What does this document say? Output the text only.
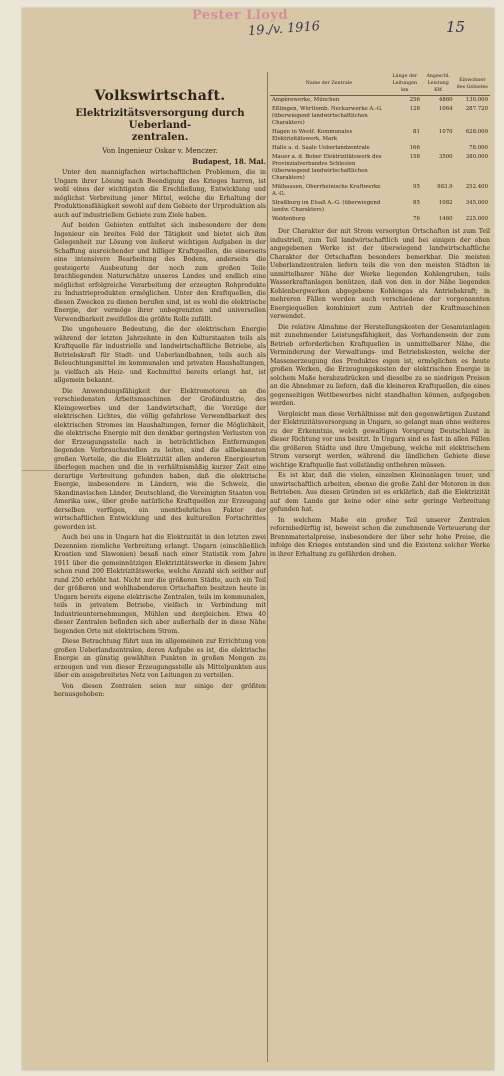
Pester Lloyd
19./v. 1916	15
Volkswirtschaft.
Elektrizitätsversorgung durch Ueberland-
zentralen.
Von Ingenieur Oskar v. Menczer.
Budapest, 18. Mai.

Unter den mannigfachen wirtschaftlichen Problemen, die in Ungarn ihrer Lösung nach Beendigung des Krieges harren, ist wohl eines der wichtigsten die Erschließung, Entwicklung und möglichst Verbreitung jener Mittel, welche die Erhaltung der Produktionsfähigkeit sowohl auf dem Gebiete der Urproduktion als auch auf industriellem Gebiete zum Ziele haben.

Auf beiden Gebieten entfaltet sich insbesondere der dem Ingenieur ein breites Feld der Tätigkeit und bietet sich ihm Gelegenheit zur Lösung von äußerst wichtigen Aufgaben in der Schaffung ausreichender und billiger Kraftquellen, die einerseits eine intensivere Bearbeitung des Bodens, anderseits die gesteigerte Ausbeutung der noch zum großen Teile brachliegenden Naturschätze unseres Landes und endlich eine möglichst erfolgreiche Verarbeitung der erzeugten Rohprodukte zu Industrieprodukten ermöglichen. Unter den Kraftquellen, die diesen Zwecken zu dienen berufen sind, ist es wohl die elektrische Energie, der vermöge ihrer unbegrenzten und universellen Verwendbarkeit zweifellos die größte Rolle zufällt.

Die ungeheuere Bedeutung, die der elektrischen Energie während der letzten Jahrzehnte in den Kulturstaaten teils als Kraftquelle für industrielle und landwirtschaftliche Betriebe, als Betriebskraft für Stadt- und Ueberlandbahnen, teils auch als Beleuchtungsmittel im kommunalen und privaten Haushaltungen, ja vielfach als Heiz- und Kochmittel bereits erlangt hat, ist allgemein bekannt.

Die Anwendungsfähigkeit der Elektromotoren an die verschiedensten Arbeitsmaschinen der Großindustrie, des Kleingewerbes und der Landwirtschaft, die Vorzüge der elektrischen Lichtes, die völlig gefahrlose Verwendbarkeit des elektrischen Stromes im Haushaltungen, ferner die Möglichkeit, die elektrische Energie mit den denkbar geringsten Verlusten von der Erzeugungsstelle nach in beträchtlichen Entfernungen liegenden Verbrauchsstellen zu leiten, sind die allbekannten großen Vorteile, die die Elektrizität allen anderen Energiearten überlegen machen und die in verhältnismäßig kurzer Zeit eine derartige Verbreitung gefunden haben, daß die elektrische Energie, insbesondere in Ländern, wie die Schweiz, die Skandinavischen Länder, Deutschland, die Vereinigten Staaten von Amerika usw., über große natürliche Kraftquellen zur Erzeugung derselben verfügen, ein unentbehrliches Faktor der wirtschaftlichen Entwicklung und des kulturellen Fortschrittes geworden ist.

Auch bei uns in Ungarn hat die Elektrizität in den letzten zwei Dezennien ziemliche Verbreitung erlangt. Ungarn (einschließlich Kroatien und Slawonien) besaß nach einer Statistik vom Jahre 1911 über die gemeinnützigen Elektrizitätswerke in diesem Jahre schon rund 200 Elektrizitätswerke, welche Anzahl sich seither auf rund 250 erhöht hat. Nicht nur die größeren Städte, auch ein Teil der größeren und wohlhabenderen Ortschaften besitzen heute in Ungarn bereits eigene elektrische Zentralen, teils im kommunalen, teils in privatem Betriebe, vielfach in Verbindung mit Industrieunternehmungen, Mühlen und dergleichen. Etwa 40 dieser Zentralen befinden sich aber außerhalb der in diese Nähe liegenden Orte mit elektrischem Strom.

Diese Betrachtung führt nun im allgemeinen zur Errichtung von großen Ueberlandzentralen, deren Aufgabe es ist, die elektrische Energie an günstig gewählten Punkten in großen Mengen zu erzeugen und von dieser Erzeugungsstelle als Mittelpunkten aus über ein ausgebreitetes Netz von Leitungen zu verteilen.

Von diesen Zentralen seien nur einige der größten herausgehoben:

Name der Zentrale	Länge der Leitungen km	Angeschl. Leistung KW	Einwohner des Gebietes
Ampèrewerke, München	256	4860	130.000
Eßlingen, Württemb. Neckarwerke A.-G. (überwiegend landwirtschaftlichen Charakters)	128	1064	287.720
Hagen in Westf. Kommunales Elektrizitätswerk, Mark	81	1070	628.000
Halle a. d. Saale Ueberlandzentrale	166		78.000
Mauer a. d. Bober Elektrizitätswerk des Provinzialverbandes Schlesien (überwiegend landwirtschaftlichen Charakters)	158	3500	380.000
Mülhausen, Oberrheinische Kraftwerke A.-G.	95	983.9	252.400
Straßburg im Elsaß A.-G. (überwiegend landw. Charakters)	85	1082	345.000
Waldenburg	76	1460	225.000

Der Charakter der mit Strom versorgten Ortschaften ist zum Teil industriell, zum Teil landwirtschaftlich und bei einigen der oben angegebenen Werke ist der überwiegend landwirtschaftliche Charakter der Ortschaften besonders bemerkbar. Die meisten Ueberlandzentralen liefern teils die von den meisten Städten in unmittelbarer Nähe der Werke liegenden Kohlengruben, teils Wasserkraftanlagen benützen, daß von den in der Nähe liegenden Kohlenbergwerken abgegebene Kohlengas als Antriebskraft; in mehreren Fällen werden auch verschiedene der vorgenannten Energiequellen kombiniert zum Antrieb der Kraftmaschinen verwendet.

Die relative Abnahme der Herstellungskosten der Gesamtanlagen mit zunehmender Leistungsfähigkeit, das Vorhandensein der zum Betrieb erforderlichen Kraftquellen in unmittelbarer Nähe, die Verminderung der Verwaltungs- und Betriebskosten, welche der Massenerzeugung des Produktes eigen ist, ermöglichen es heute großen Werken, die Erzeugungskosten der elektrischen Energie in solchem Maße herabzudrücken und dieselbe zu so niedrigen Preisen an die Abnehmer zu liefern, daß die kleineren Kraftquellen, die eines gegenseitigen Wettbewerbes nicht standhalten können, aufgegeben werden.

Vergleicht man diese Verhältnisse mit den gegenwärtigen Zustand der Elektrizitätsversorgung in Ungarn, so gelangt man ohne weiteres zu der Erkenntnis, welch gewaltigen Vorsprung Deutschland in dieser Richtung vor uns besitzt. In Ungarn sind es fast in allen Fällen die größeren Städte und ihre Umgebung, welche mit elektrischem Strom versorgt werden, während die ländlichen Gebiete diese wichtige Kraftquelle fast vollständig entbehren müssen.

Es ist klar, daß die vielen, einzelnen Kleinanlagen teuer, und unwirtschaftlich arbeiten, ebenso die große Zahl der Motoren in den Betrieben. Aus diesen Gründen ist es erklärlich, daß die Elektrizität auf dem Lande gar keine oder eine sehr geringe Verbreitung gefunden hat.

In welchem Maße ein großer Teil unserer Zentralen reformbedürftig ist, beweist schon die zunehmende Verteuerung der Brennmaterialpreise, insbesondere der über sehr hohe Preise, die infolge des Krieges entstanden sind und die Existenz solcher Werke in ihrer Erhaltung zu gefährden drohen.
